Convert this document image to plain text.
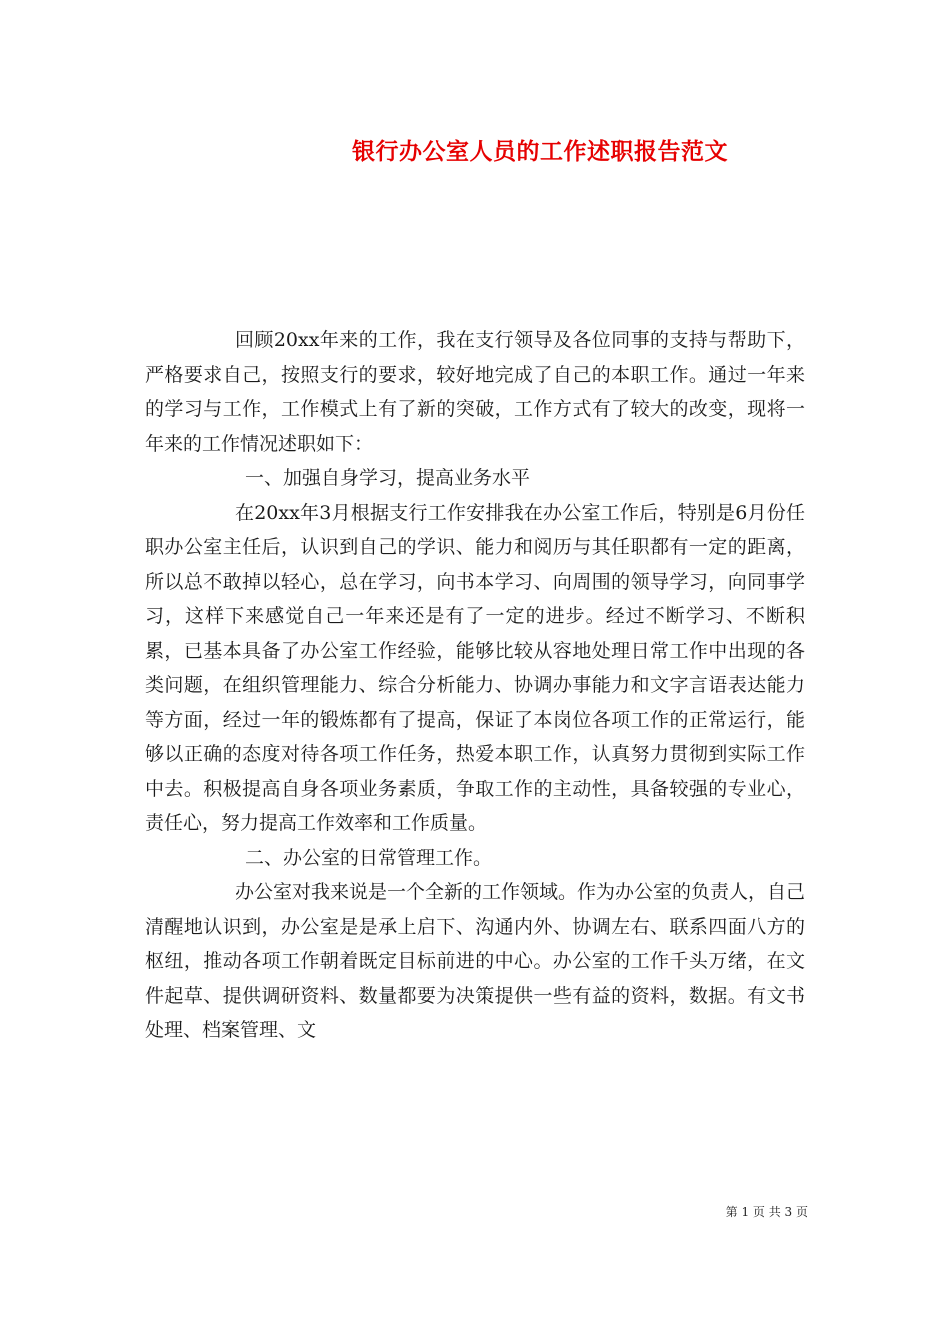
银行办公室人员的工作述职报告范文

回顾20xx年来的工作，我在支行领导及各位同事的支持与帮助下，严格要求自己，按照支行的要求，较好地完成了自己的本职工作。通过一年来的学习与工作，工作模式上有了新的突破，工作方式有了较大的改变，现将一年来的工作情况述职如下：

一、加强自身学习，提高业务水平

在20xx年3月根据支行工作安排我在办公室工作后，特别是6月份任职办公室主任后，认识到自己的学识、能力和阅历与其任职都有一定的距离，所以总不敢掉以轻心，总在学习，向书本学习、向周围的领导学习，向同事学习，这样下来感觉自己一年来还是有了一定的进步。经过不断学习、不断积累，已基本具备了办公室工作经验，能够比较从容地处理日常工作中出现的各类问题，在组织管理能力、综合分析能力、协调办事能力和文字言语表达能力等方面，经过一年的锻炼都有了提高，保证了本岗位各项工作的正常运行，能够以正确的态度对待各项工作任务，热爱本职工作，认真努力贯彻到实际工作中去。积极提高自身各项业务素质，争取工作的主动性，具备较强的专业心，责任心，努力提高工作效率和工作质量。

二、办公室的日常管理工作。

办公室对我来说是一个全新的工作领域。作为办公室的负责人，自己清醒地认识到，办公室是是承上启下、沟通内外、协调左右、联系四面八方的枢纽，推动各项工作朝着既定目标前进的中心。办公室的工作千头万绪，在文件起草、提供调研资料、数量都要为决策提供一些有益的资料，数据。有文书处理、档案管理、文

第 1 页 共 3 页
